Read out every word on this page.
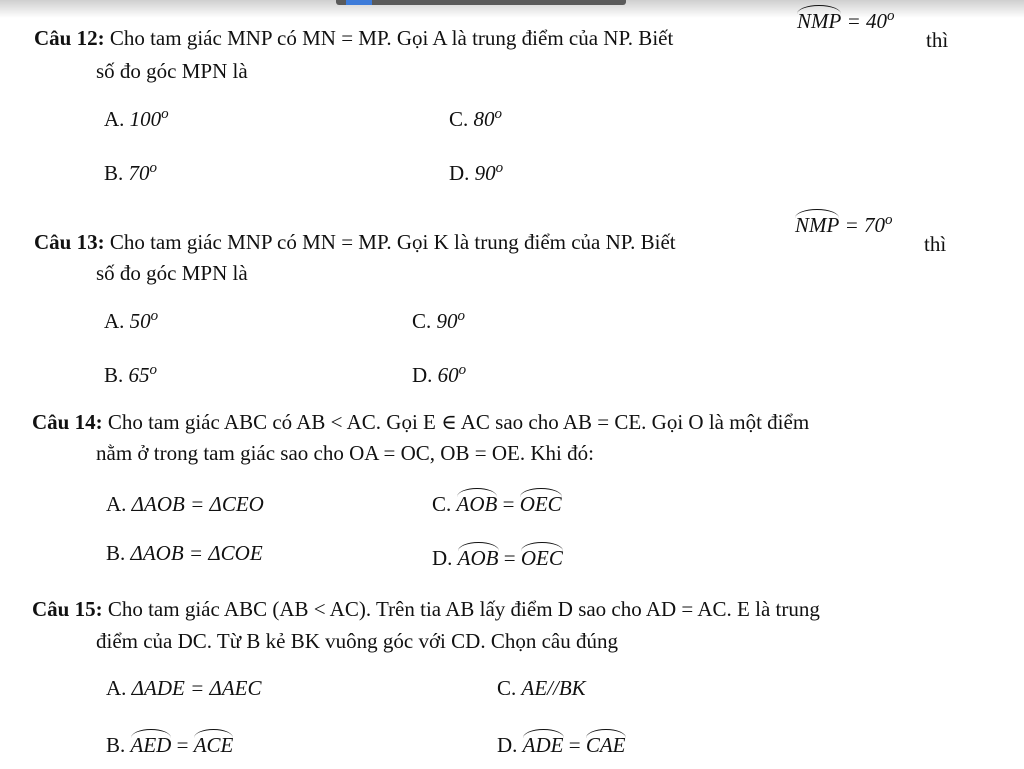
Câu 12: Cho tam giác MNP có MN = MP. Gọi A là trung điểm của NP. Biết
NMP = $40^o$
thì
số đo góc MPN là
A. 100$^o$	C. 80$^o$
B. 70$^o$	D. 90$^o$
Câu 13: Cho tam giác MNP có MN = MP. Gọi K là trung điểm của NP. Biết
NMP = $70^o$
thì
số đo góc MPN là
A. 50$^o$	C. 90$^o$
B. 65$^o$	D. 60$^o$
Câu 14: Cho tam giác ABC có AB < AC. Gọi E ∈ AC sao cho AB = CE. Gọi O là một điểm
nằm ở trong tam giác sao cho OA = OC, OB = OE. Khi đó:
A. ΔAOB = ΔCEO	C. AOB = OEC
B. ΔAOB = ΔCOE	D. AOB = OEC
Câu 15: Cho tam giác ABC (AB < AC). Trên tia AB lấy điểm D sao cho AD = AC. E là trung
điểm của DC. Từ B kẻ BK vuông góc với CD. Chọn câu đúng
A. ΔADE = ΔAEC	C. AE//BK
B. AED = ACE	D. ADE = CAE
